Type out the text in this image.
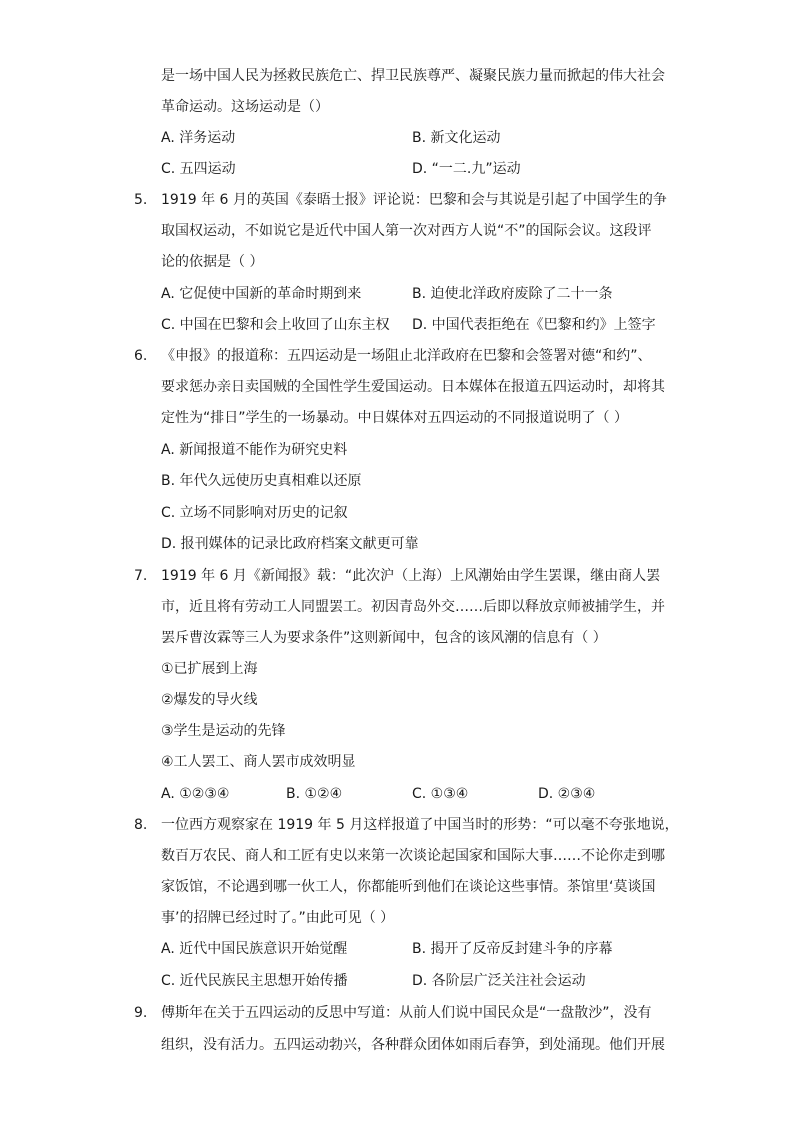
是一场中国人民为拯救民族危亡、捍卫民族尊严、凝聚民族力量而掀起的伟大社会
革命运动。这场运动是（）
A. 洋务运动	B. 新文化运动
C. 五四运动	D. “一二.九”运动
5. 1919 年 6 月的英国《泰晤士报》评论说：巴黎和会与其说是引起了中国学生的争
取国权运动，不如说它是近代中国人第一次对西方人说“不”的国际会议。这段评
论的依据是（ ）
A. 它促使中国新的革命时期到来	B. 迫使北洋政府废除了二十一条
C. 中国在巴黎和会上收回了山东主权 D. 中国代表拒绝在《巴黎和约》上签字
6. 《申报》的报道称：五四运动是一场阻止北洋政府在巴黎和会签署对德“和约”、
要求惩办亲日卖国贼的全国性学生爱国运动。日本媒体在报道五四运动时，却将其
定性为“排日”学生的一场暴动。中日媒体对五四运动的不同报道说明了（ ）
A. 新闻报道不能作为研究史料
B. 年代久远使历史真相难以还原
C. 立场不同影响对历史的记叙
D. 报刊媒体的记录比政府档案文献更可靠
7. 1919 年 6 月《新闻报》载：“此次沪（上海）上风潮始由学生罢课，继由商人罢
市，近且将有劳动工人同盟罢工。初因青岛外交……后即以释放京师被捕学生，并
罢斥曹汝霖等三人为要求条件”这则新闻中，包含的该风潮的信息有（ ）
①已扩展到上海
②爆发的导火线
③学生是运动的先锋
④工人罢工、商人罢市成效明显
A. ①②③④	B. ①②④	C. ①③④	D. ②③④
8. 一位西方观察家在 1919 年 5 月这样报道了中国当时的形势：“可以毫不夸张地说，
数百万农民、商人和工匠有史以来第一次谈论起国家和国际大事……不论你走到哪
家饭馆，不论遇到哪一伙工人，你都能听到他们在谈论这些事情。茶馆里‘莫谈国
事’的招牌已经过时了。”由此可见（ ）
A. 近代中国民族意识开始觉醒	B. 揭开了反帝反封建斗争的序幕
C. 近代民族民主思想开始传播	D. 各阶层广泛关注社会运动
9. 傅斯年在关于五四运动的反思中写道：从前人们说中国民众是“一盘散沙”，没有
组织，没有活力。五四运动勃兴，各种群众团体如雨后春笋，到处涌现。他们开展
